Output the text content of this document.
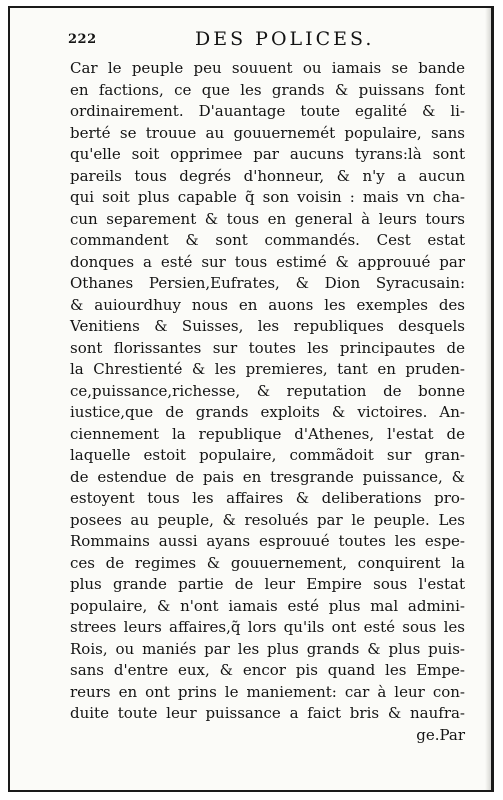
222	DES POLICES.
Car le peuple peu souuent ou iamais se bande
en factions, ce que les grands & puissans font
ordinairement. D'auantage toute egalité & li-
berté se trouue au gouuernemét populaire, sans
qu'elle soit opprimee par aucuns tyrans:là sont
pareils tous degrés d'honneur, & n'y a aucun
qui soit plus capable q̃ son voisin : mais vn cha-
cun separement & tous en general à leurs tours
commandent & sont commandés. Cest estat
donques a esté sur tous estimé & approuué par
Othanes Persien,Eufrates, & Dion Syracusain:
& auiourdhuy nous en auons les exemples des
Venitiens & Suisses, les republiques desquels
sont florissantes sur toutes les principautes de
la Chrestienté & les premieres, tant en pruden-
ce,puissance,richesse, & reputation de bonne
iustice,que de grands exploits & victoires. An-
ciennement la republique d'Athenes, l'estat de
laquelle estoit populaire, commãdoit sur gran-
de estendue de pais en tresgrande puissance, &
estoyent tous les affaires & deliberations pro-
posees au peuple, & resolués par le peuple. Les
Rommains aussi ayans esprouué toutes les espe-
ces de regimes & gouuernement, conquirent la
plus grande partie de leur Empire sous l'estat
populaire, & n'ont iamais esté plus mal admini-
strees leurs affaires,q̃ lors qu'ils ont esté sous les
Rois, ou maniés par les plus grands & plus puis-
sans d'entre eux, & encor pis quand les Empe-
reurs en ont prins le maniement: car à leur con-
duite toute leur puissance a faict bris & naufra-
ge.Par
